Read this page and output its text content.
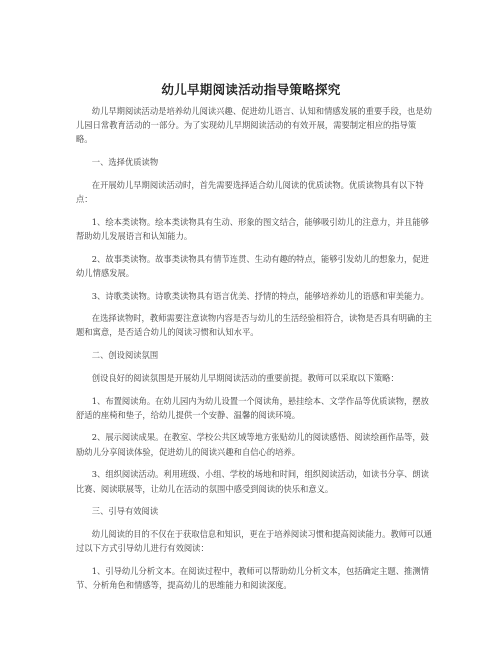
幼儿早期阅读活动指导策略探究

幼儿早期阅读活动是培养幼儿阅读兴趣、促进幼儿语言、认知和情感发展的重要手段，也是幼儿园日常教育活动的一部分。为了实现幼儿早期阅读活动的有效开展，需要制定相应的指导策略。

一、选择优质读物

在开展幼儿早期阅读活动时，首先需要选择适合幼儿阅读的优质读物。优质读物具有以下特点：

1、绘本类读物。绘本类读物具有生动、形象的图文结合，能够吸引幼儿的注意力，并且能够帮助幼儿发展语言和认知能力。

2、故事类读物。故事类读物具有情节连贯、生动有趣的特点，能够引发幼儿的想象力，促进幼儿情感发展。

3、诗歌类读物。诗歌类读物具有语言优美、抒情的特点，能够培养幼儿的语感和审美能力。

在选择读物时，教师需要注意读物内容是否与幼儿的生活经验相符合，读物是否具有明确的主题和寓意，是否适合幼儿的阅读习惯和认知水平。

二、创设阅读氛围

创设良好的阅读氛围是开展幼儿早期阅读活动的重要前提。教师可以采取以下策略：

1、布置阅读角。在幼儿园内为幼儿设置一个阅读角，悬挂绘本、文学作品等优质读物，摆放舒适的座椅和垫子，给幼儿提供一个安静、温馨的阅读环境。

2、展示阅读成果。在教室、学校公共区域等地方张贴幼儿的阅读感悟、阅读绘画作品等，鼓励幼儿分享阅读体验，促进幼儿的阅读兴趣和自信心的培养。

3、组织阅读活动。利用班级、小组、学校的场地和时间，组织阅读活动，如读书分享、朗读比赛、阅读联展等，让幼儿在活动的氛围中感受到阅读的快乐和意义。

三、引导有效阅读

幼儿阅读的目的不仅在于获取信息和知识，更在于培养阅读习惯和提高阅读能力。教师可以通过以下方式引导幼儿进行有效阅读：

1、引导幼儿分析文本。在阅读过程中，教师可以帮助幼儿分析文本，包括确定主题、推测情节、分析角色和情感等，提高幼儿的思维能力和阅读深度。
